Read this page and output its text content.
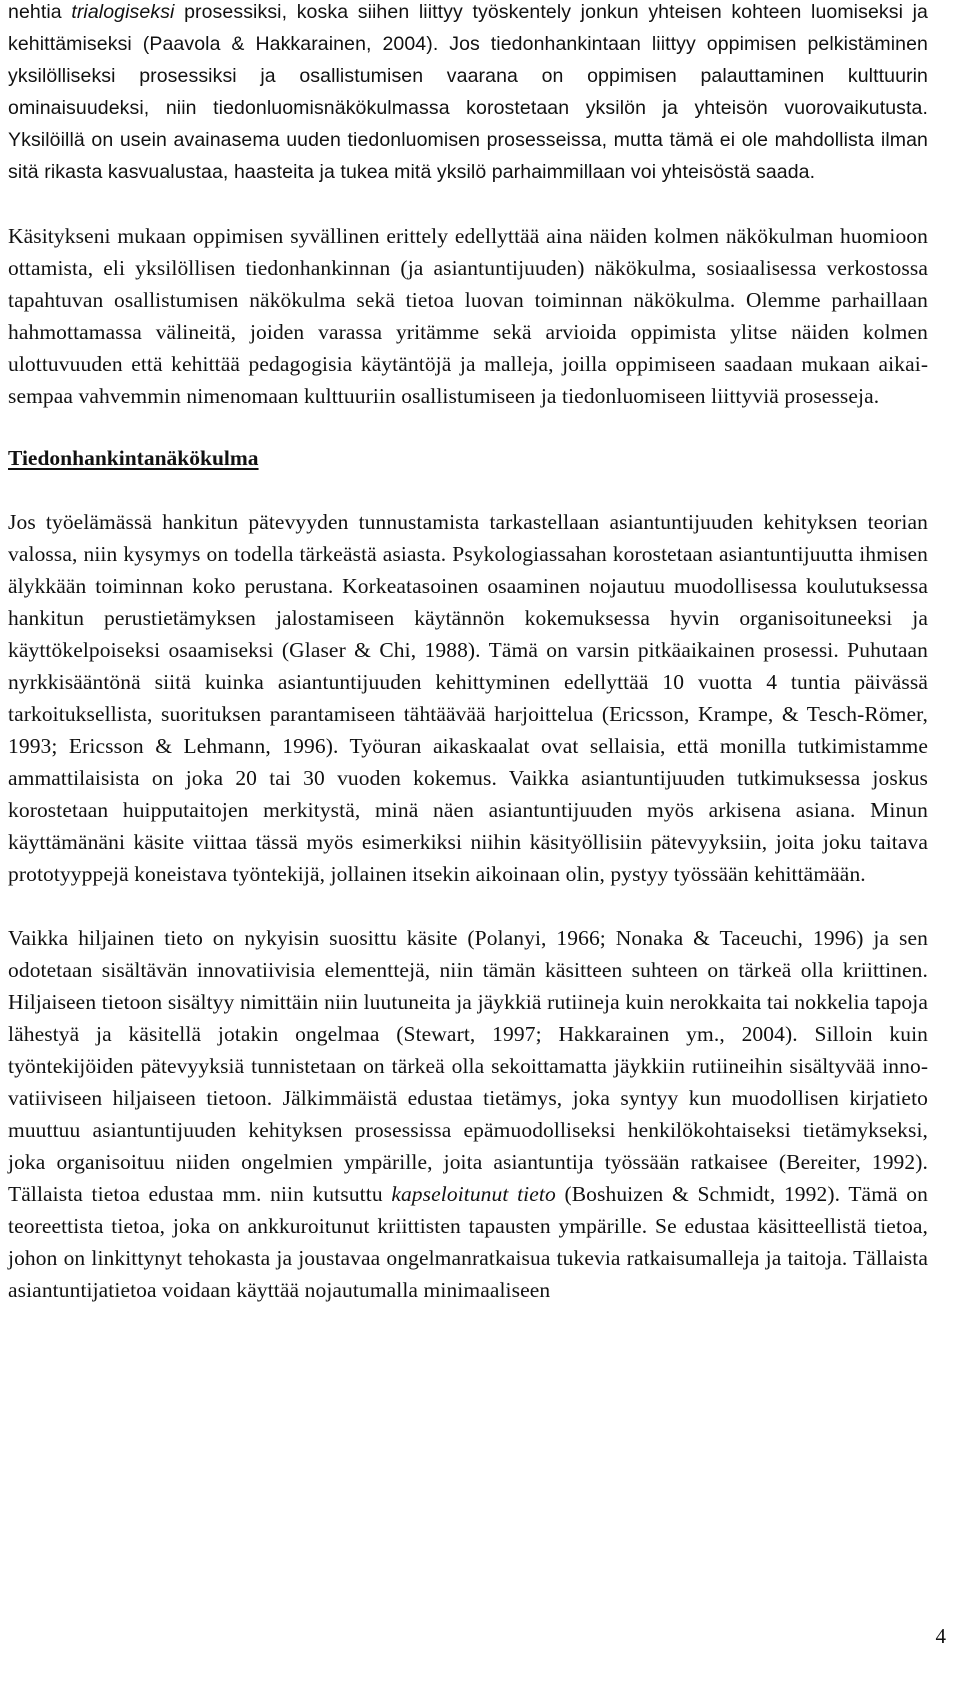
nehtia trialogiseksi prosessiksi, koska siihen liittyy työskentely jonkun yhteisen kohteen luomiseksi ja kehittämiseksi (Paavola & Hakkarainen, 2004). Jos tiedonhankintaan liittyy oppimisen pelkistäminen yksilölliseksi prosessiksi ja osallistumisen vaarana on oppimisen palauttaminen kulttuurin ominaisuudeksi, niin tiedonluomisnäkökulmassa korostetaan yksilön ja yhteisön vuorovaikutusta. Yksilöillä on usein avainasema uuden tiedonluomisen prosesseissa, mutta tämä ei ole mahdollista ilman sitä rikasta kasvualustaa, haasteita ja tukea mitä yksilö parhaimmillaan voi yhteisöstä saada.

Käsitykseni mukaan oppimisen syvällinen erittely edellyttää aina näiden kolmen näkökulman huomioon ottamista, eli yksilöllisen tiedonhankinnan (ja asiantuntijuuden) näkökulma, sosiaalisessa verkostossa tapahtuvan osallistumisen näkökulma sekä tietoa luovan toiminnan näkökulma. Olemme parhaillaan hahmottamassa välineitä, joiden varassa yritämme sekä arvioida oppimista ylitse näiden kolmen ulottuvuuden että kehittää pedagogisia käytäntöjä ja malleja, joilla oppimiseen saadaan mukaan aikaisempaa vahvemmin nimenomaan kulttuuriin osallistumiseen ja tiedonluomiseen liittyviä prosesseja.

Tiedonhankintanäkökulma

Jos työelämässä hankitun pätevyyden tunnustamista tarkastellaan asiantuntijuuden kehityksen teorian valossa, niin kysymys on todella tärkeästä asiasta. Psykologiassahan korostetaan asiantuntijuutta ihmisen älykkään toiminnan koko perustana. Korkeatasoinen osaaminen nojautuu muodollisessa koulutuksessa hankitun perustietämyksen jalostamiseen käytännön kokemuksessa hyvin organisoituneeksi ja käyttökelpoiseksi osaamiseksi (Glaser & Chi, 1988). Tämä on varsin pitkäaikainen prosessi. Puhutaan nyrkkisääntönä siitä kuinka asiantuntijuuden kehittyminen edellyttää 10 vuotta 4 tuntia päivässä tarkoituksellista, suorituksen parantamiseen tähtäävää harjoittelua (Ericsson, Krampe, & Tesch-Römer, 1993; Ericsson & Lehmann, 1996). Työuran aikaskaalat ovat sellaisia, että monilla tutkimistamme ammattilaisista on joka 20 tai 30 vuoden kokemus. Vaikka asiantuntijuuden tutkimuksessa joskus korostetaan huipputaitojen merkitystä, minä näen asiantuntijuuden myös arkisena asiana. Minun käyttämänäni käsite viittaa tässä myös esimerkiksi niihin käsityöllisiin pätevyyksiin, joita joku taitava prototyyppejä koneistava työntekijä, jollainen itsekin aikoinaan olin, pystyy työssään kehittämään.

Vaikka hiljainen tieto on nykyisin suosittu käsite (Polanyi, 1966; Nonaka & Taceuchi, 1996) ja sen odotetaan sisältävän innovatiivisia elementtejä, niin tämän käsitteen suhteen on tärkeä olla kriittinen. Hiljaiseen tietoon sisältyy nimittäin niin luutuneita ja jäykkiä rutiineja kuin nerokkaita tai nokkelia tapoja lähestyä ja käsitellä jotakin ongelmaa (Stewart, 1997; Hakkarainen ym., 2004). Silloin kuin työntekijöiden pätevyyksiä tunnistetaan on tärkeä olla sekoittamatta jäykkiin rutiineihin sisältyvää innovatiiviseen hiljaiseen tietoon. Jälkimmäistä edustaa tietämys, joka syntyy kun muodollisen kirjatieto muuttuu asiantuntijuuden kehityksen prosessissa epämuodolliseksi henkilökohtaiseksi tietämykseksi, joka organisoituu niiden ongelmien ympärille, joita asiantuntija työssään ratkaisee (Bereiter, 1992). Tällaista tietoa edustaa mm. niin kutsuttu kapseloitunut tieto (Boshuizen & Schmidt, 1992). Tämä on teoreettista tietoa, joka on ankkuroitunut kriittisten tapausten ympärille. Se edustaa käsitteellistä tietoa, johon on linkittynyt tehokasta ja joustavaa ongelmanratkaisua tukevia ratkaisumalleja ja taitoja. Tällaista asiantuntijatietoa voidaan käyttää nojautumalla minimaaliseen

4
